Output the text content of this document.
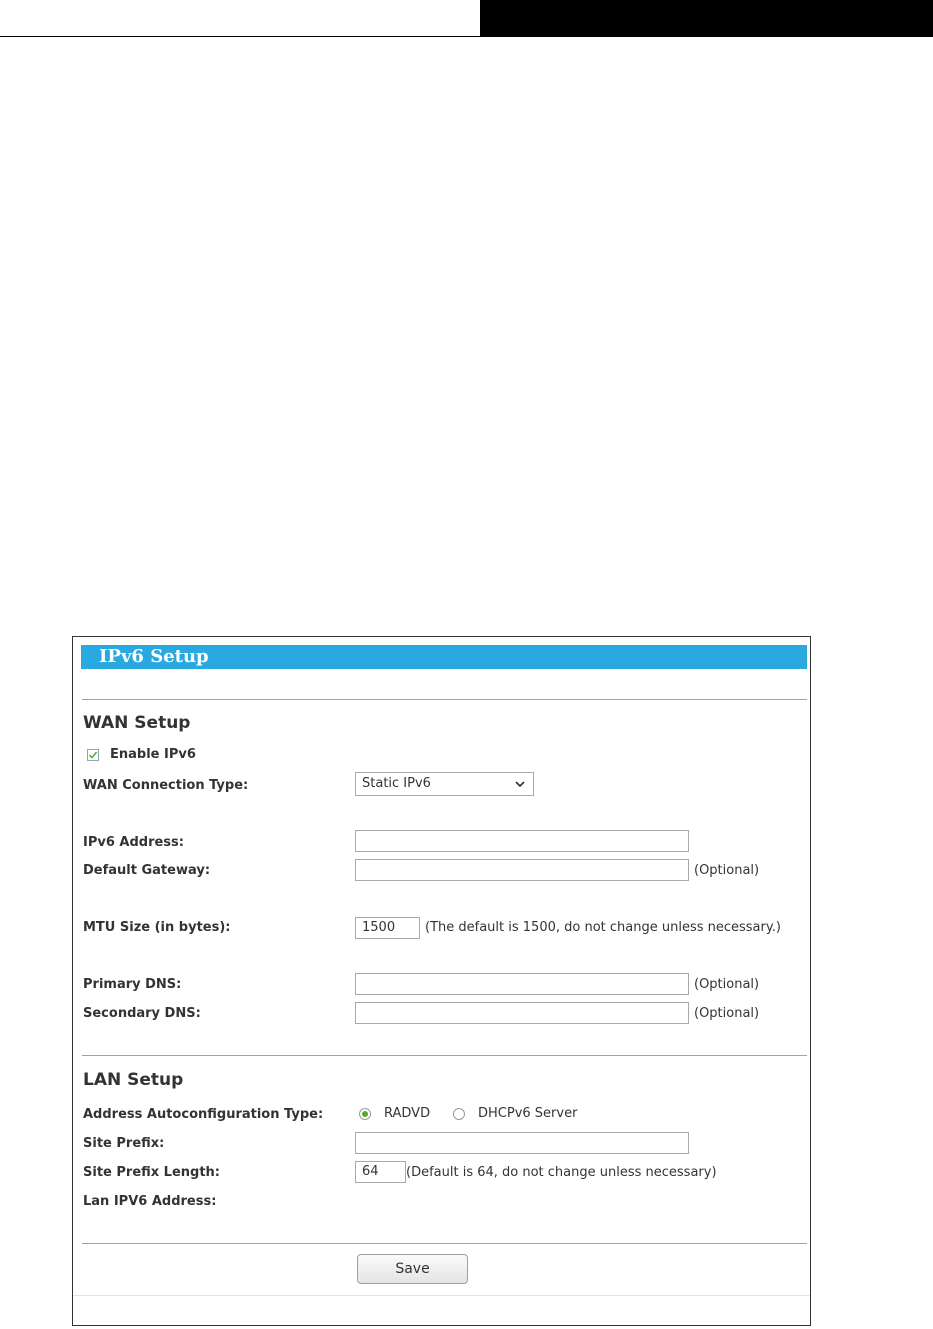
IPv6 Setup
WAN Setup
Enable IPv6
WAN Connection Type:	Static IPv6
IPv6 Address:
Default Gateway:	(Optional)
MTU Size (in bytes):	1500	(The default is 1500, do not change unless necessary.)
Primary DNS:	(Optional)
Secondary DNS:	(Optional)
LAN Setup
Address Autoconfiguration Type:	RADVD	DHCPv6 Server
Site Prefix:
Site Prefix Length:	64	(Default is 64, do not change unless necessary)
Lan IPV6 Address:
Save
